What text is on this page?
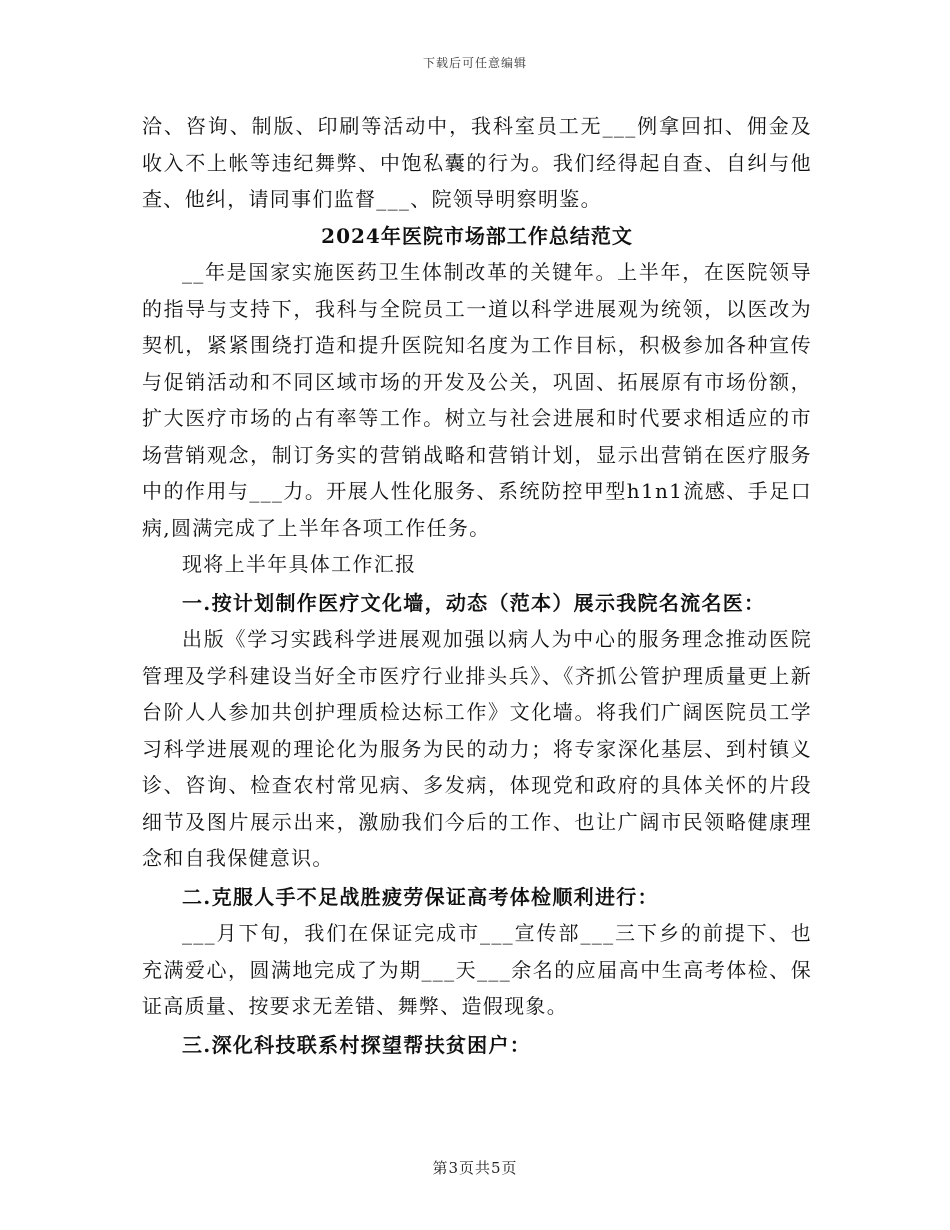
下载后可任意编辑

洽、咨询、制版、印刷等活动中，我科室员工无___例拿回扣、佣金及收入不上帐等违纪舞弊、中饱私囊的行为。我们经得起自查、自纠与他查、他纠，请同事们监督___、院领导明察明鉴。

2024年医院市场部工作总结范文

__年是国家实施医药卫生体制改革的关键年。上半年，在医院领导的指导与支持下，我科与全院员工一道以科学进展观为统领，以医改为契机，紧紧围绕打造和提升医院知名度为工作目标，积极参加各种宣传与促销活动和不同区域市场的开发及公关，巩固、拓展原有市场份额，扩大医疗市场的占有率等工作。树立与社会进展和时代要求相适应的市场营销观念，制订务实的营销战略和营销计划，显示出营销在医疗服务中的作用与___力。开展人性化服务、系统防控甲型h1n1流感、手足口病,圆满完成了上半年各项工作任务。

现将上半年具体工作汇报

一.按计划制作医疗文化墙，动态（范本）展示我院名流名医：

出版《学习实践科学进展观加强以病人为中心的服务理念推动医院管理及学科建设当好全市医疗行业排头兵》、《齐抓公管护理质量更上新台阶人人参加共创护理质检达标工作》文化墙。将我们广阔医院员工学习科学进展观的理论化为服务为民的动力；将专家深化基层、到村镇义诊、咨询、检查农村常见病、多发病，体现党和政府的具体关怀的片段细节及图片展示出来，激励我们今后的工作、也让广阔市民领略健康理念和自我保健意识。

二.克服人手不足战胜疲劳保证高考体检顺利进行：

___月下旬，我们在保证完成市___宣传部___三下乡的前提下、也充满爱心，圆满地完成了为期___天___余名的应届高中生高考体检、保证高质量、按要求无差错、舞弊、造假现象。

三.深化科技联系村探望帮扶贫困户：

第3页共5页
